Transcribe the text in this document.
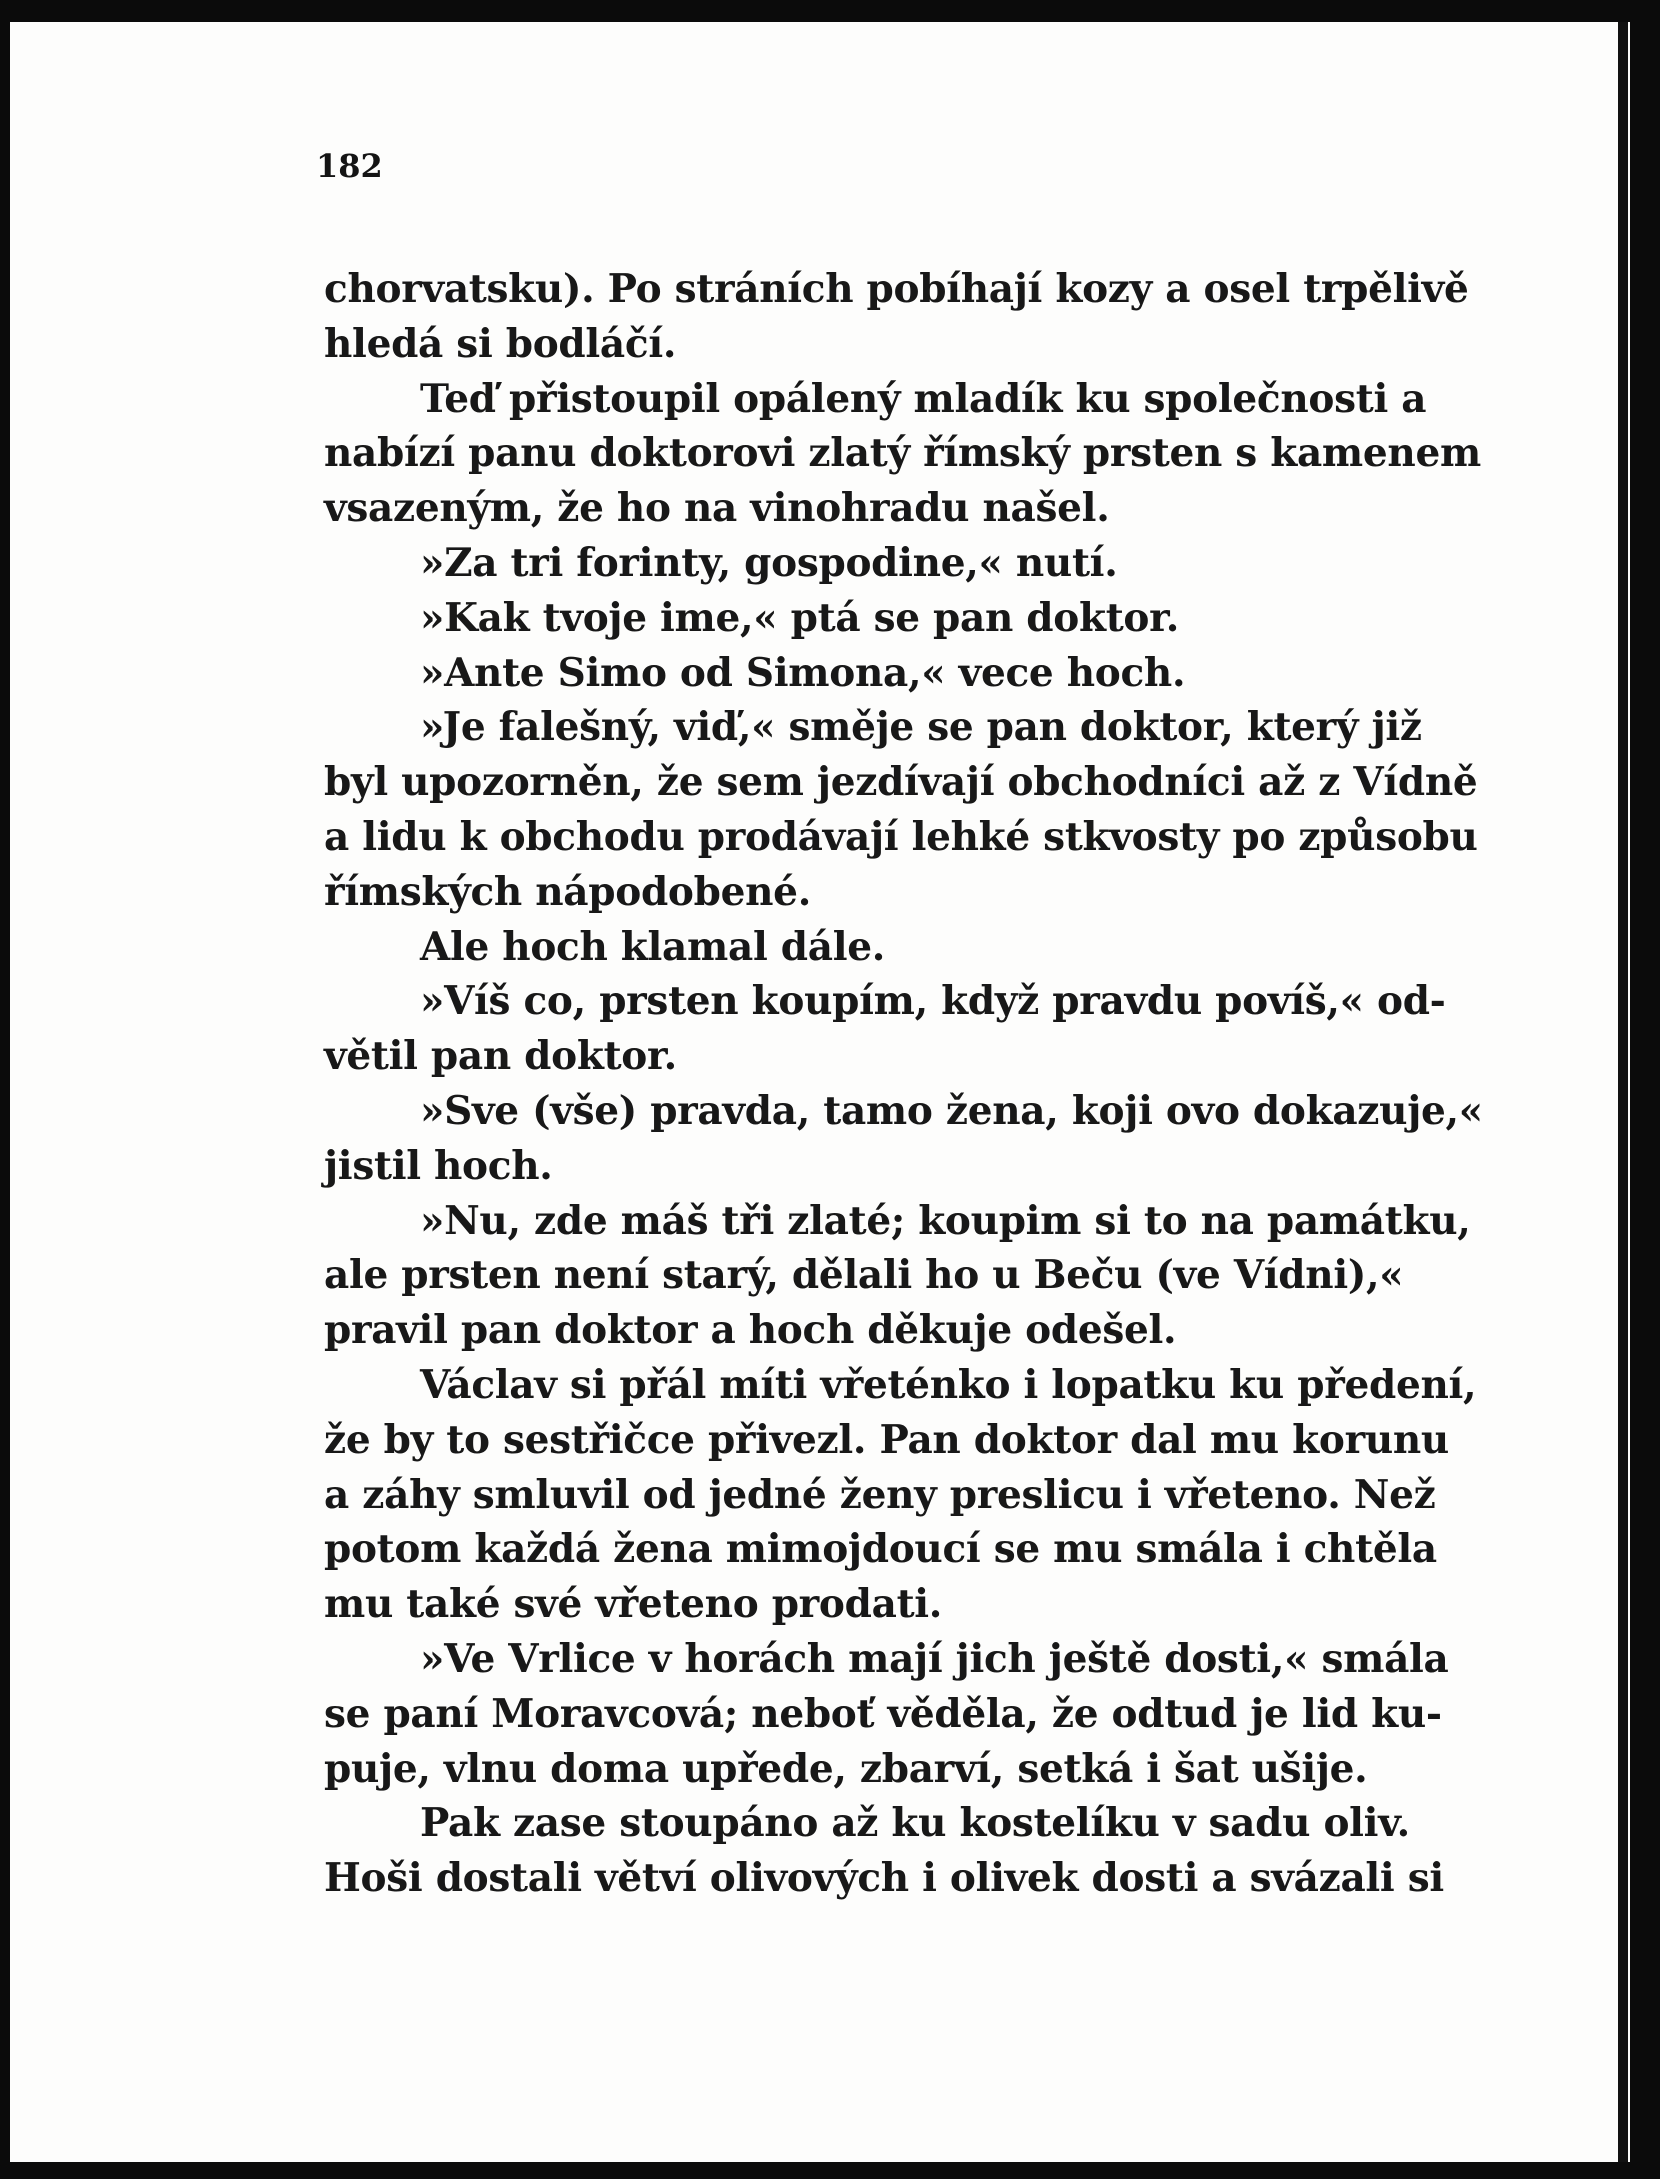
182
chorvatsku). Po stráních pobíhají kozy a osel trpělivě
hledá si bodláčí.
Teď přistoupil opálený mladík ku společnosti a
nabízí panu doktorovi zlatý římský prsten s kamenem
vsazeným, že ho na vinohradu našel.
»Za tri forinty, gospodine,« nutí.
»Kak tvoje ime,« ptá se pan doktor.
»Ante Simo od Simona,« vece hoch.
»Je falešný, viď,« směje se pan doktor, který již
byl upozorněn, že sem jezdívají obchodníci až z Vídně
a lidu k obchodu prodávají lehké stkvosty po způsobu
římských nápodobené.
Ale hoch klamal dále.
»Víš co, prsten koupím, když pravdu povíš,« od-
větil pan doktor.
»Sve (vše) pravda, tamo žena, koji ovo dokazuje,«
jistil hoch.
»Nu, zde máš tři zlaté; koupim si to na památku,
ale prsten není starý, dělali ho u Beču (ve Vídni),«
pravil pan doktor a hoch děkuje odešel.
Václav si přál míti vřeténko i lopatku ku předení,
že by to sestřičce přivezl. Pan doktor dal mu korunu
a záhy smluvil od jedné ženy preslicu i vřeteno. Než
potom každá žena mimojdoucí se mu smála i chtěla
mu také své vřeteno prodati.
»Ve Vrlice v horách mají jich ještě dosti,« smála
se paní Moravcová; neboť věděla, že odtud je lid ku-
puje, vlnu doma upřede, zbarví, setká i šat ušije.
Pak zase stoupáno až ku kostelíku v sadu oliv.
Hoši dostali větví olivových i olivek dosti a svázali si
